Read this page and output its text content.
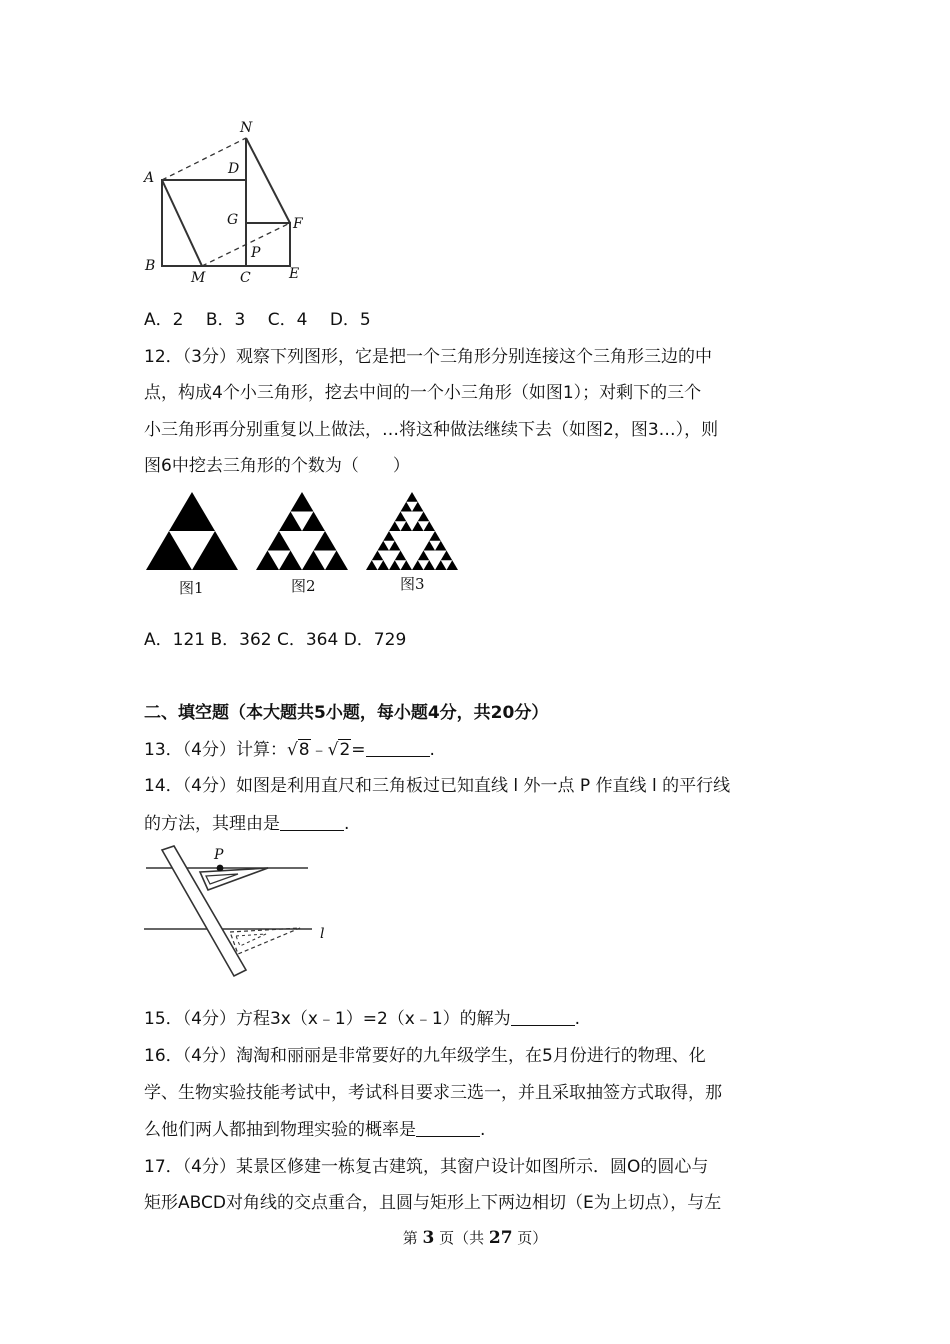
N
A
D
G	F
P
B
M C	E
A．2　 B．3　 C．4　 D．5
12．（3分）观察下列图形，它是把一个三角形分别连接这个三角形三边的中
点，构成4个小三角形，挖去中间的一个小三角形（如图1）；对剩下的三个
小三角形再分别重复以上做法，…将这种做法继续下去（如图2，图3…），则
图6中挖去三角形的个数为（　　）
图1	图2	图3
A．121 B．362 C．364 D．729
二、填空题（本大题共5小题，每小题4分，共20分）
13．（4分）计算：√8﹣√2=	.
14．（4分）如图是利用直尺和三角板过已知直线 l 外一点 P 作直线 l 的平行线
的方法，其理由是	.
P
l
15．（4分）方程3x（x﹣1）=2（x﹣1）的解为	.
16．（4分）淘淘和丽丽是非常要好的九年级学生，在5月份进行的物理、化
学、生物实验技能考试中，考试科目要求三选一，并且采取抽签方式取得，那
么他们两人都抽到物理实验的概率是	.
17．（4分）某景区修建一栋复古建筑，其窗户设计如图所示．圆O的圆心与
矩形ABCD对角线的交点重合，且圆与矩形上下两边相切（E为上切点），与左
第 3 页（共 27 页）
